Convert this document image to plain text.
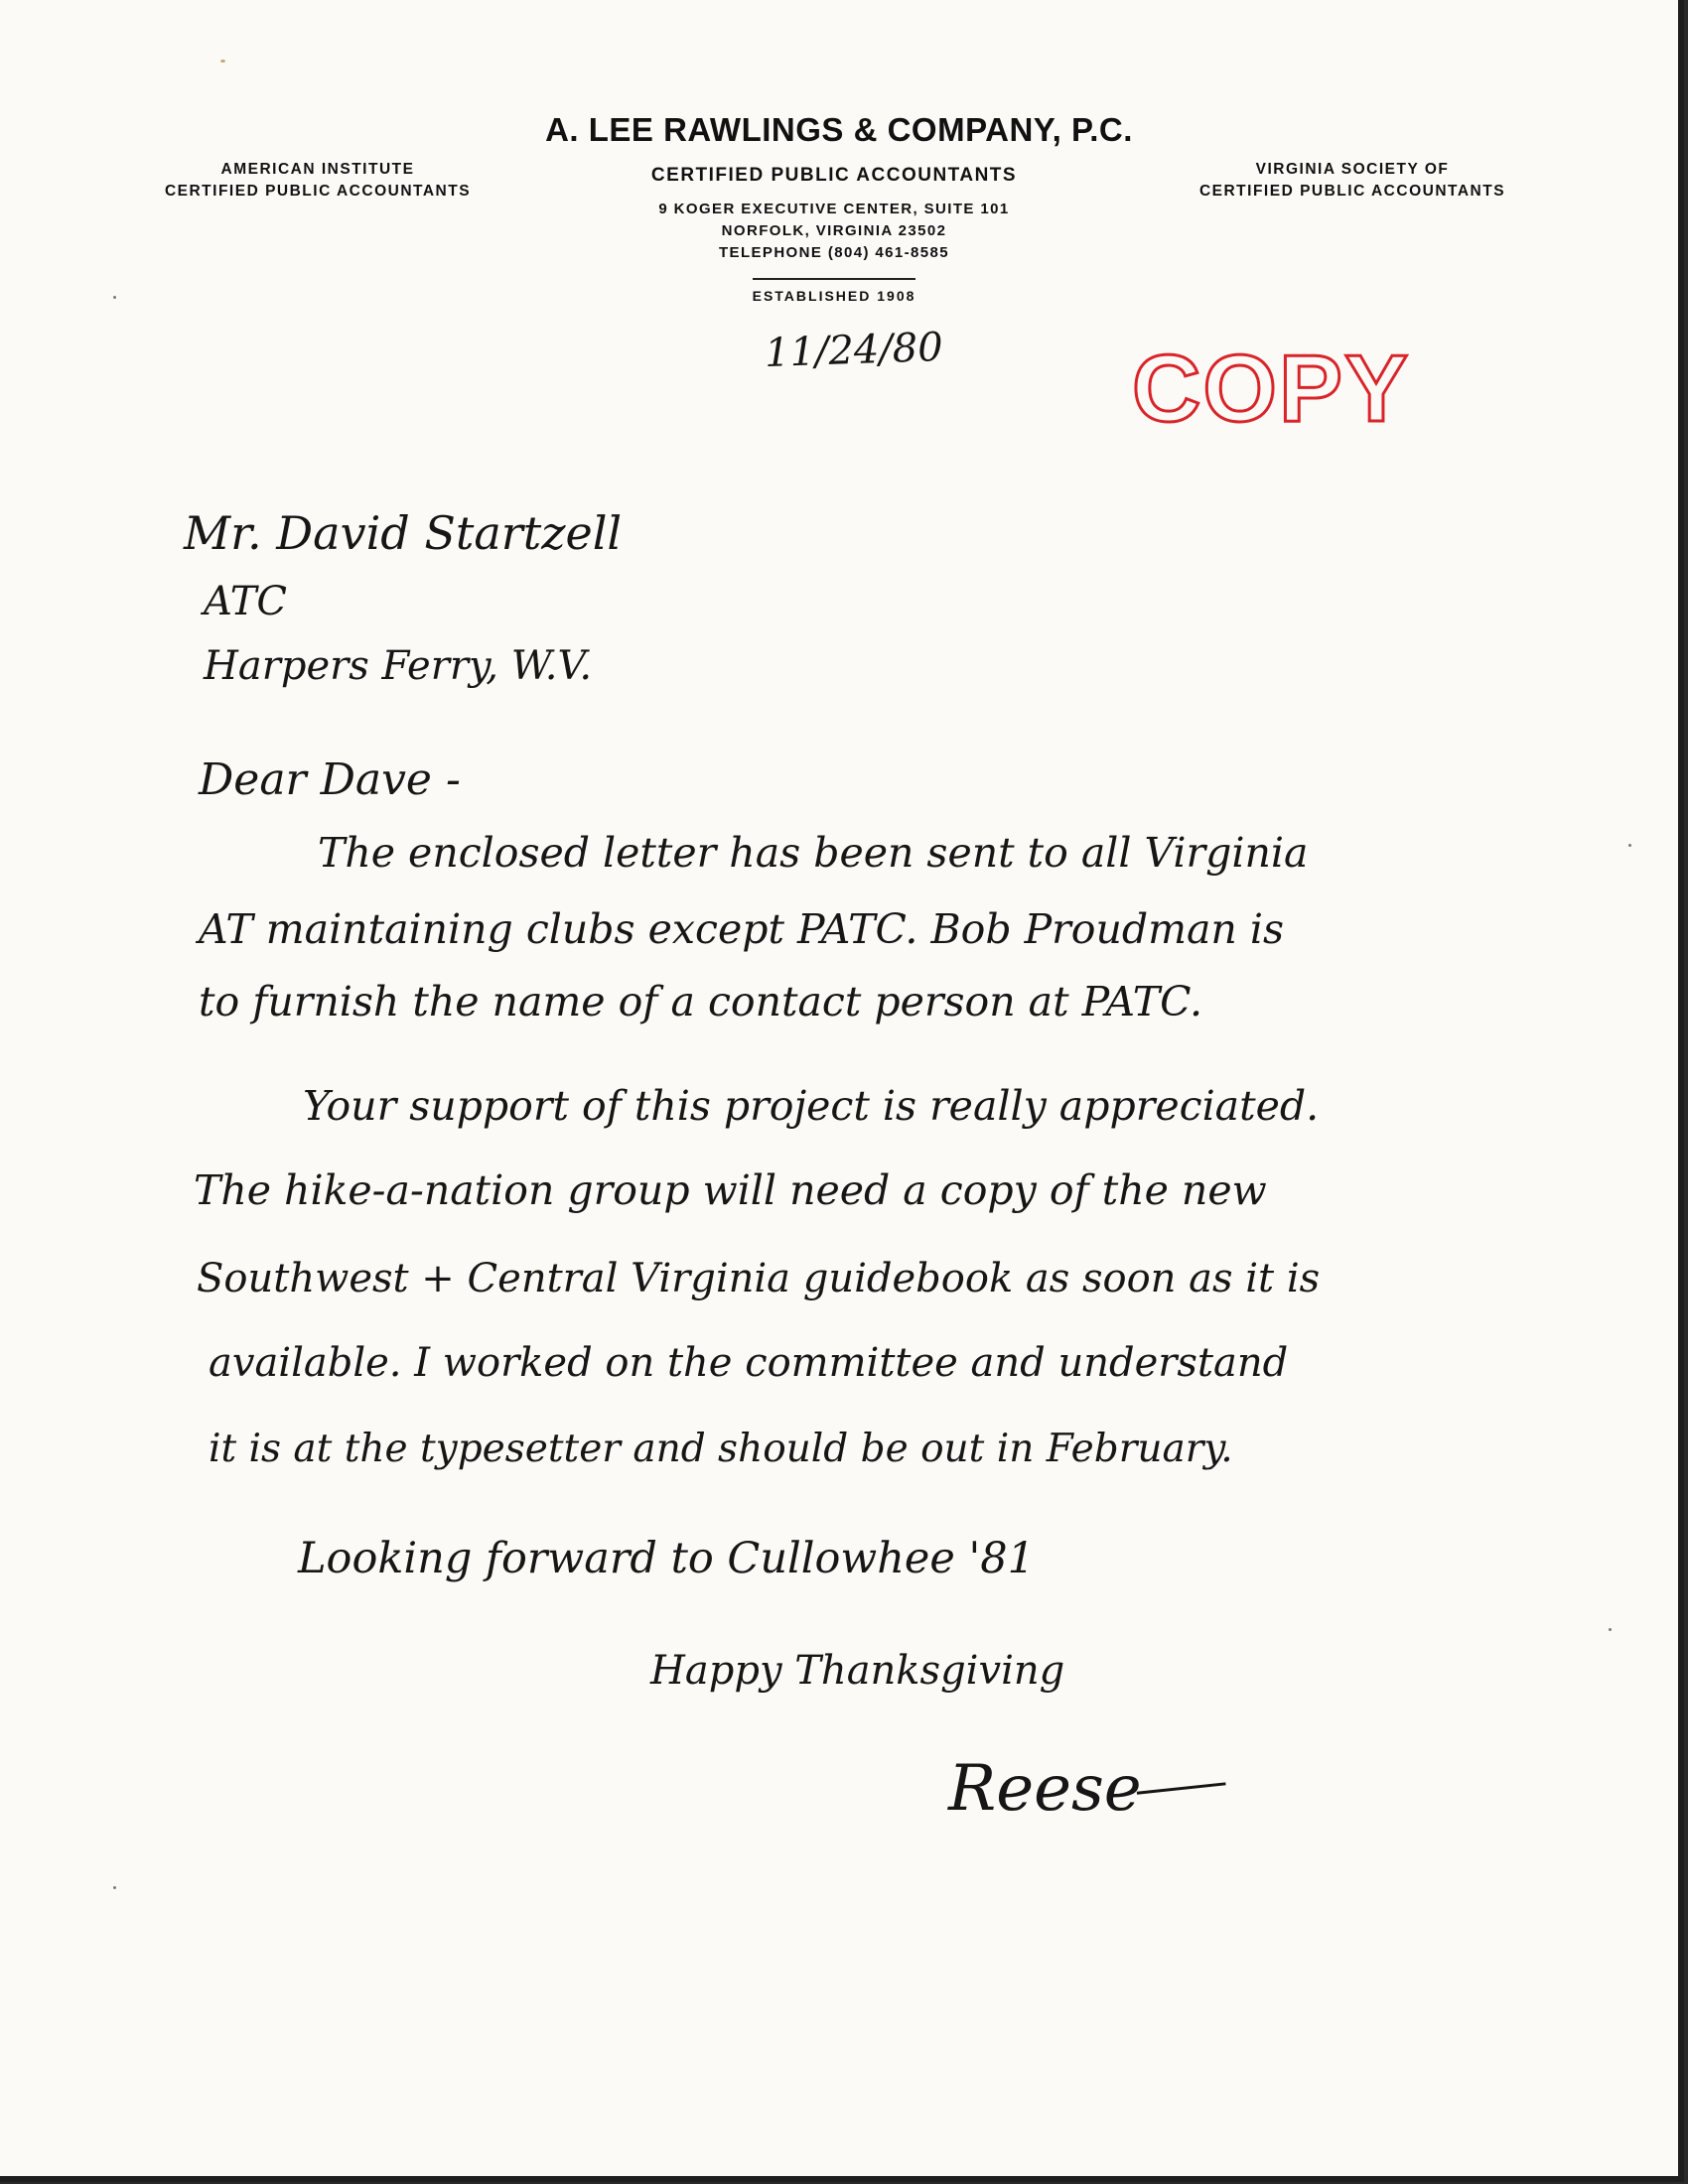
A. LEE RAWLINGS & COMPANY, P.C.
AMERICAN INSTITUTE
CERTIFIED PUBLIC ACCOUNTANTS
CERTIFIED PUBLIC ACCOUNTANTS
9 KOGER EXECUTIVE CENTER, SUITE 101
NORFOLK, VIRGINIA 23502
TELEPHONE (804) 461-8585
ESTABLISHED 1908
VIRGINIA SOCIETY OF
CERTIFIED PUBLIC ACCOUNTANTS
11/24/80 COPY
Mr. David Startzell
ATC
Harpers Ferry, W.V.
Dear Dave -
The enclosed letter has been sent to all Virginia
AT maintaining clubs except PATC. Bob Proudman is
to furnish the name of a contact person at PATC.
Your support of this project is really appreciated.
The hike-a-nation group will need a copy of the new
Southwest + Central Virginia guidebook as soon as it is
available. I worked on the committee and understand
it is at the typesetter and should be out in February.
Looking forward to Cullowhee '81
Happy Thanksgiving
Reese
